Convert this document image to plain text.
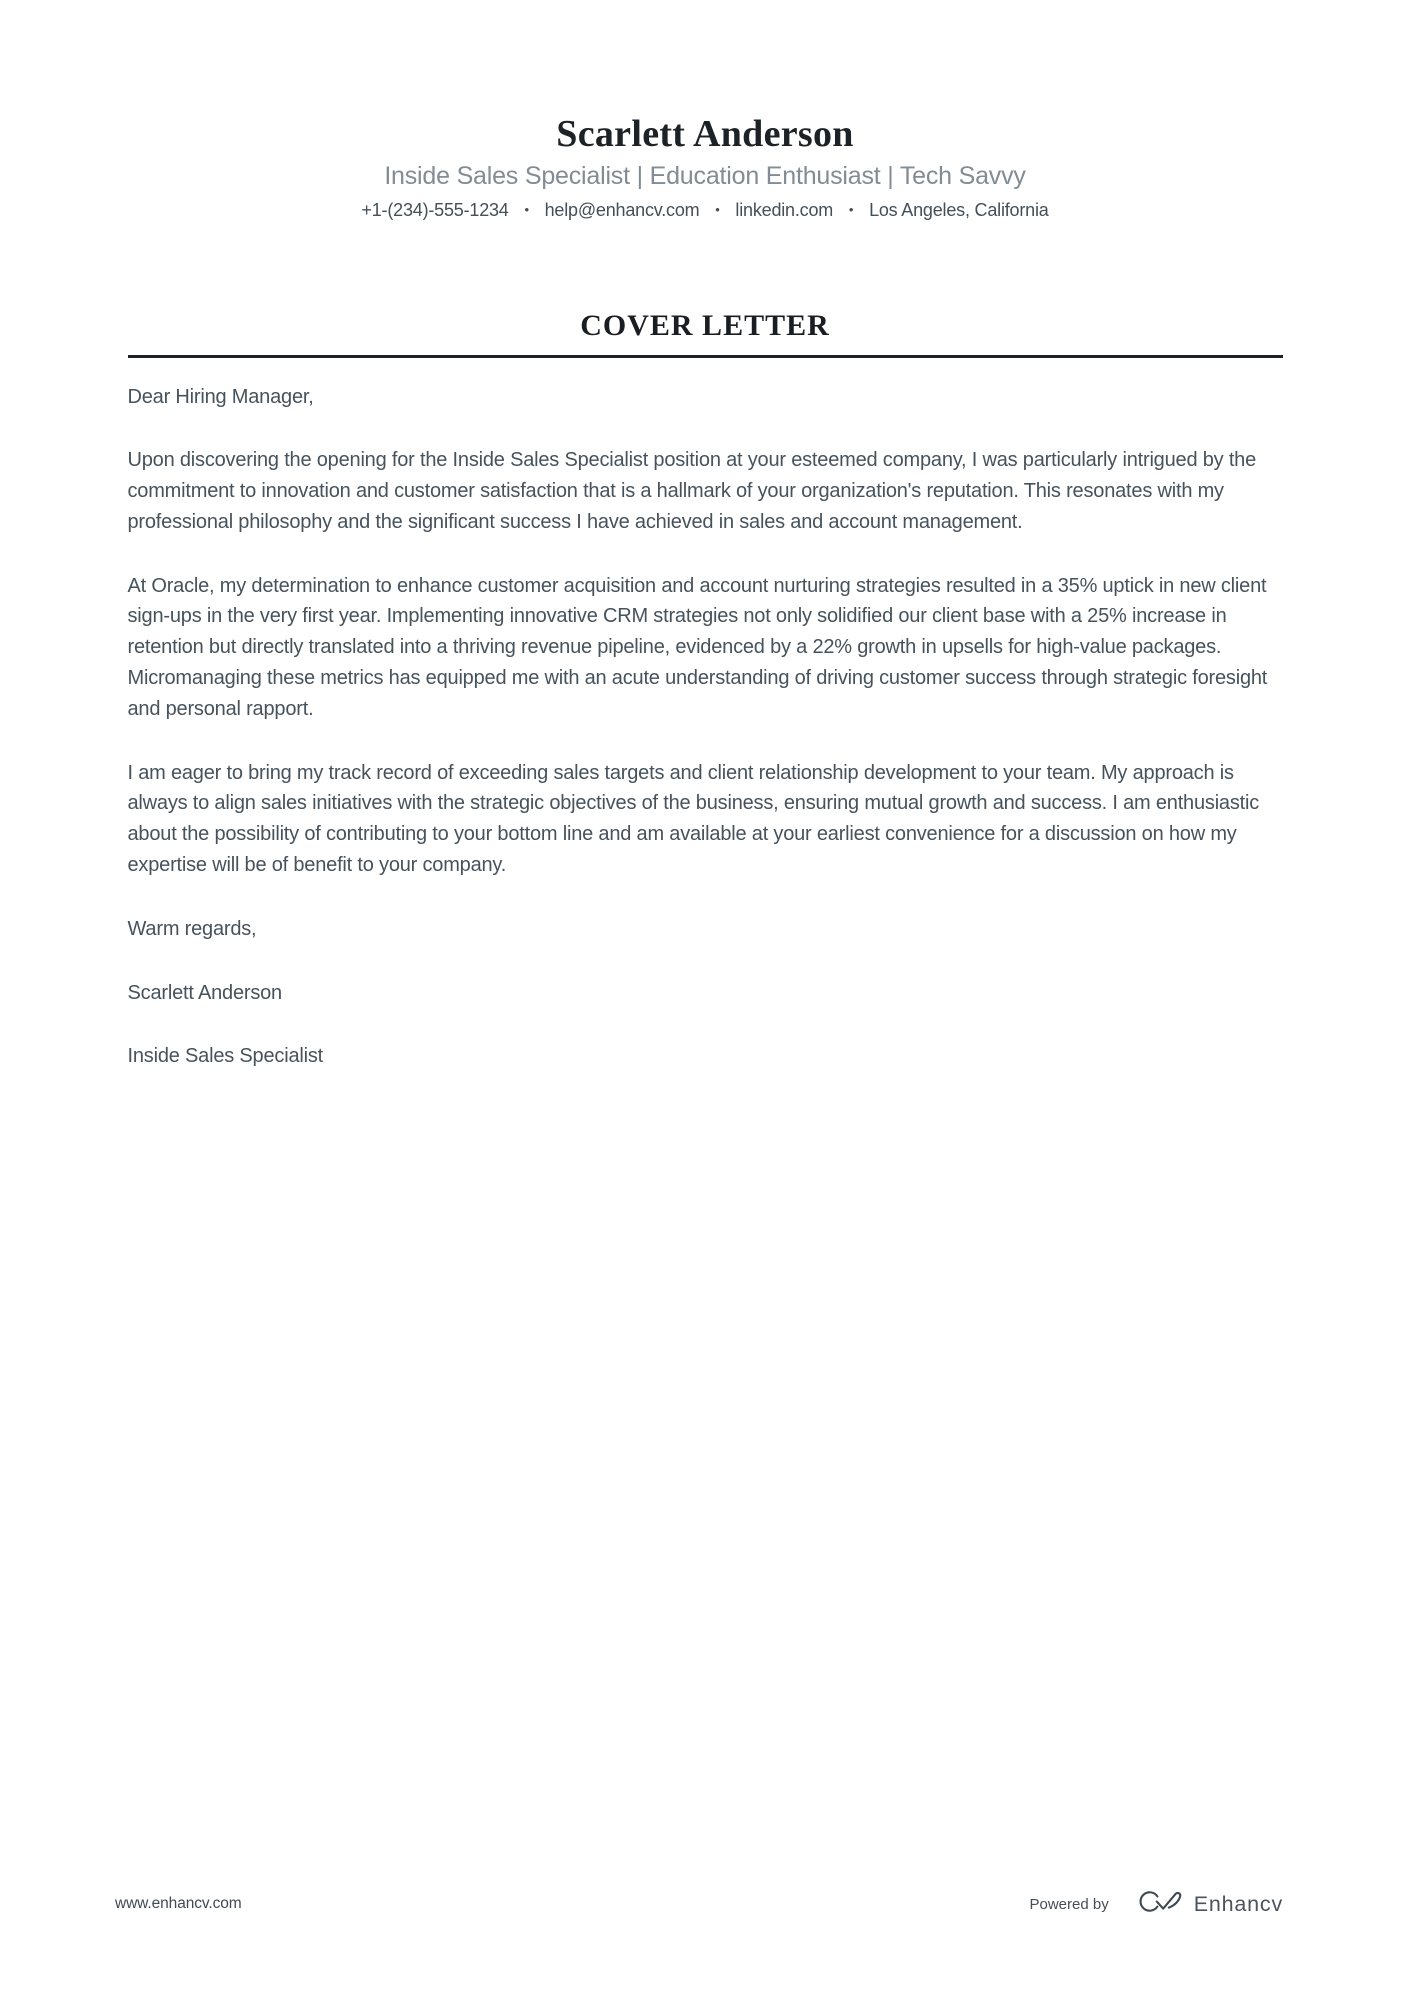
Scarlett Anderson
Inside Sales Specialist | Education Enthusiast | Tech Savvy
+1-(234)-555-1234 • help@enhancv.com • linkedin.com • Los Angeles, California
COVER LETTER

Dear Hiring Manager,

Upon discovering the opening for the Inside Sales Specialist position at your esteemed company, I was particularly intrigued by the commitment to innovation and customer satisfaction that is a hallmark of your organization's reputation. This resonates with my professional philosophy and the significant success I have achieved in sales and account management.

At Oracle, my determination to enhance customer acquisition and account nurturing strategies resulted in a 35% uptick in new client sign-ups in the very first year. Implementing innovative CRM strategies not only solidified our client base with a 25% increase in retention but directly translated into a thriving revenue pipeline, evidenced by a 22% growth in upsells for high-value packages. Micromanaging these metrics has equipped me with an acute understanding of driving customer success through strategic foresight and personal rapport.

I am eager to bring my track record of exceeding sales targets and client relationship development to your team. My approach is always to align sales initiatives with the strategic objectives of the business, ensuring mutual growth and success. I am enthusiastic about the possibility of contributing to your bottom line and am available at your earliest convenience for a discussion on how my expertise will be of benefit to your company.

Warm regards,

Scarlett Anderson

Inside Sales Specialist

www.enhancv.com	Powered by	Enhancv
